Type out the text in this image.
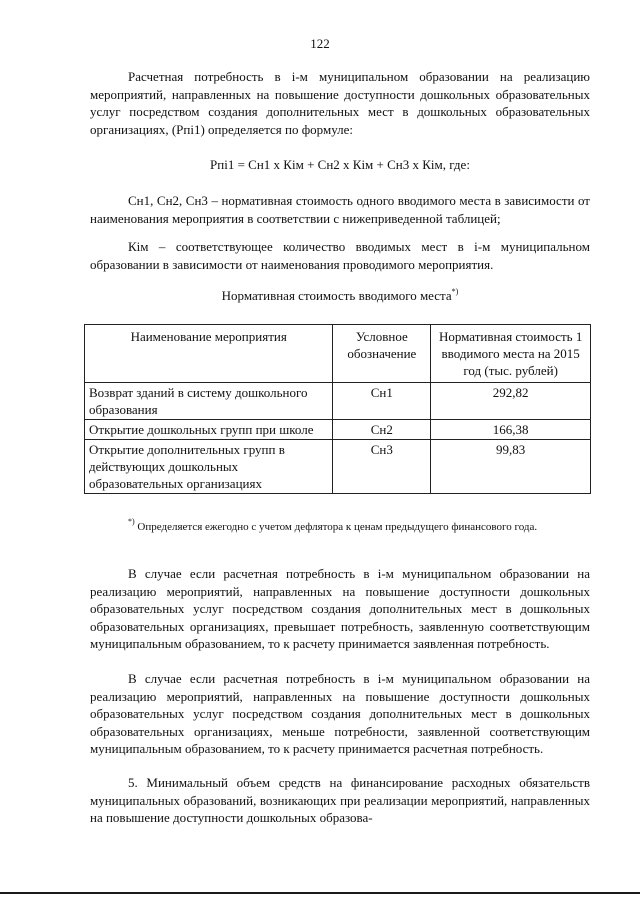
122

Расчетная потребность в i-м муниципальном образовании на реализацию мероприятий, направленных на повышение доступности дошкольных образовательных услуг посредством создания дополнительных мест в дошкольных образовательных организациях, (Pпi1) определяется по формуле:

Pпi1 = Сн1 х Кiм + Сн2 х Кiм + Сн3 х Кiм, где:

Сн1, Сн2, Сн3 – нормативная стоимость одного вводимого места в зависимости от наименования мероприятия в соответствии с нижеприведенной таблицей;

Кiм – соответствующее количество вводимых мест в i-м муниципальном образовании в зависимости от наименования проводимого мероприятия.

Нормативная стоимость вводимого места*)
Наименование мероприятия	Условное обозначение	Нормативная стоимость 1 вводимого места на 2015 год (тыс. рублей)
Возврат зданий в систему дошкольного образования	Сн1	292,82
Открытие дошкольных групп при школе	Сн2	166,38
Открытие дополнительных групп в действующих дошкольных образовательных организациях	Сн3	99,83

*) Определяется ежегодно с учетом дефлятора к ценам предыдущего финансового года.

В случае если расчетная потребность в i-м муниципальном образовании на реализацию мероприятий, направленных на повышение доступности дошкольных образовательных услуг посредством создания дополнительных мест в дошкольных образовательных организациях, превышает потребность, заявленную соответствующим муниципальным образованием, то к расчету принимается заявленная потребность.

В случае если расчетная потребность в i-м муниципальном образовании на реализацию мероприятий, направленных на повышение доступности дошкольных образовательных услуг посредством создания дополнительных мест в дошкольных образовательных организациях, меньше потребности, заявленной соответствующим муниципальным образованием, то к расчету принимается расчетная потребность.

5. Минимальный объем средств на финансирование расходных обязательств муниципальных образований, возникающих при реализации мероприятий, направленных на повышение доступности дошкольных образова-
